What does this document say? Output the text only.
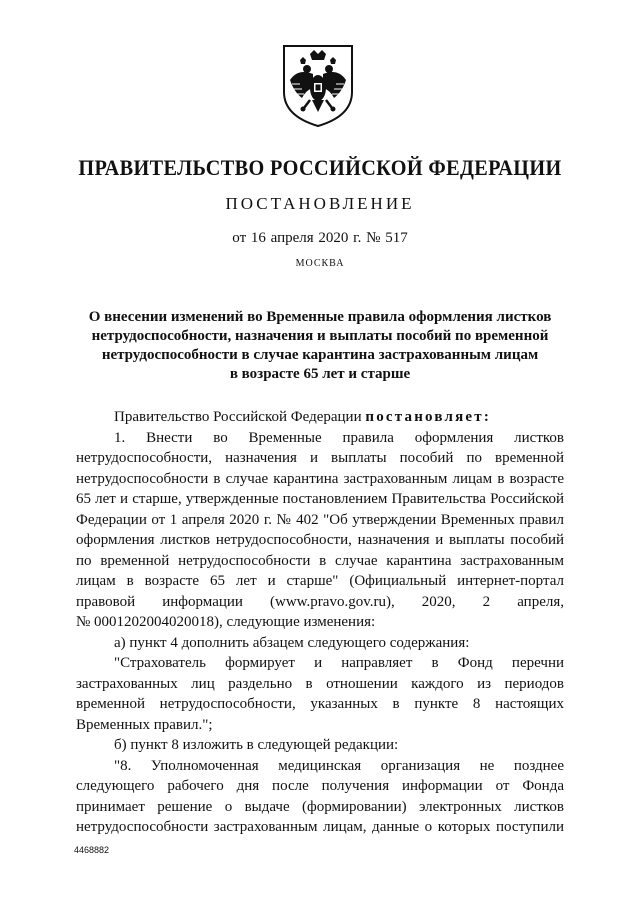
ПРАВИТЕЛЬСТВО РОССИЙСКОЙ ФЕДЕРАЦИИ
ПОСТАНОВЛЕНИЕ
от 16 апреля 2020 г. № 517
МОСКВА
О внесении изменений во Временные правила оформления листков
нетрудоспособности, назначения и выплаты пособий по временной
нетрудоспособности в случае карантина застрахованным лицам
в возрасте 65 лет и старше
Правительство Российской Федерации постановляет:
1. Внести во Временные правила оформления листков
нетрудоспособности, назначения и выплаты пособий по временной
нетрудоспособности в случае карантина застрахованным лицам в возрасте
65 лет и старше, утвержденные постановлением Правительства Российской
Федерации от 1 апреля 2020 г. № 402 "Об утверждении Временных правил
оформления листков нетрудоспособности, назначения и выплаты пособий
по временной нетрудоспособности в случае карантина застрахованным
лицам в возрасте 65 лет и старше" (Официальный интернет-портал
правовой информации (www.pravo.gov.ru), 2020, 2 апреля,
№ 0001202004020018), следующие изменения:
а) пункт 4 дополнить абзацем следующего содержания:
"Страхователь формирует и направляет в Фонд перечни
застрахованных лиц раздельно в отношении каждого из периодов
временной нетрудоспособности, указанных в пункте 8 настоящих
Временных правил.";
б) пункт 8 изложить в следующей редакции:
"8. Уполномоченная медицинская организация не позднее
следующего рабочего дня после получения информации от Фонда
принимает решение о выдаче (формировании) электронных листков
нетрудоспособности застрахованным лицам, данные о которых поступили
4468882
